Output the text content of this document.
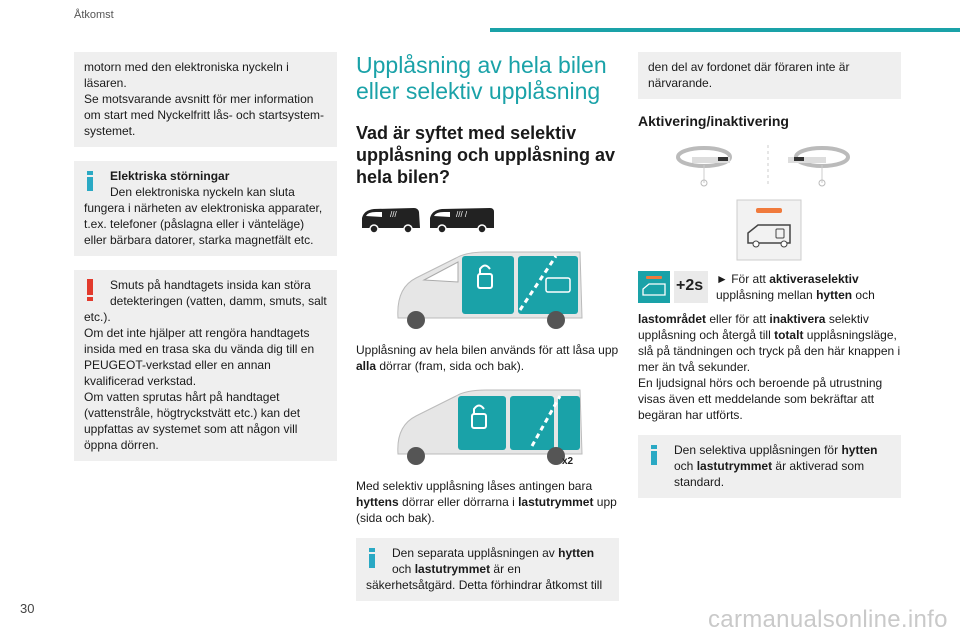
Åtkomst
motorn med den elektroniska nyckeln i läsaren.
Se motsvarande avsnitt för mer information om start med Nyckelfritt lås- och startsystem-systemet.
Elektriska störningar
Den elektroniska nyckeln kan sluta
fungera i närheten av elektroniska apparater, t.ex. telefoner (påslagna eller i vänteläge) eller bärbara datorer, starka magnetfält etc.
Smuts på handtagets insida kan störa detekteringen (vatten, damm, smuts, salt
etc.).
Om det inte hjälper att rengöra handtagets insida med en trasa ska du vända dig till en PEUGEOT-verkstad eller en annan kvalificerad verkstad.
Om vatten sprutas hårt på handtaget (vattenstråle, högtryckstvätt etc.) kan det uppfattas av systemet som att någon vill öppna dörren.
Upplåsning av hela bilen eller selektiv upplåsning
Vad är syftet med selektiv upplåsning och upplåsning av hela bilen?
///	/// /

Upplåsning av hela bilen används för att låsa upp alla dörrar (fram, sida och bak).

x2

Med selektiv upplåsning låses antingen bara hyttens dörrar eller dörrarna i lastutrymmet upp (sida och bak).

Den separata upplåsningen av hytten och lastutrymmet är en
säkerhetsåtgärd. Detta förhindrar åtkomst till
den del av fordonet där föraren inte är närvarande.
Aktivering/inaktivering
+2s	► För att aktiveraselektiv upplåsning mellan hytten och

lastområdet eller för att inaktivera selektiv upplåsning och återgå till totalt upplåsningsläge, slå på tändningen och tryck på den här knappen i mer än två sekunder.
En ljudsignal hörs och beroende på utrustning visas även ett meddelande som bekräftar att begäran har utförts.

Den selektiva upplåsningen för hytten
och lastutrymmet är aktiverad som standard.
30	carmanualsonline.info
